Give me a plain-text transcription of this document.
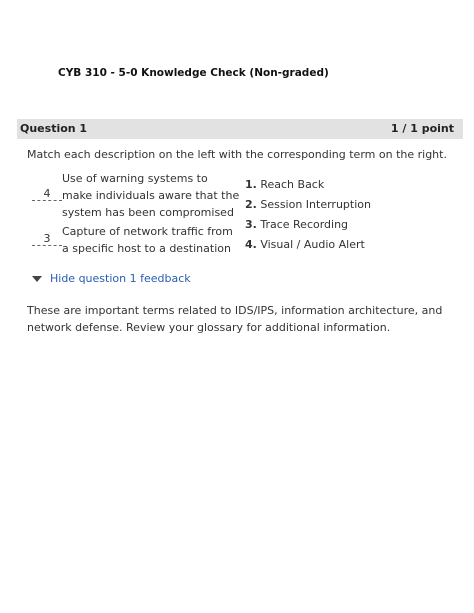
CYB 310 - 5-0 Knowledge Check (Non-graded)
Question 1	1 / 1 point
Match each description on the left with the corresponding term on the right.
4
Use of warning systems to make individuals aware that the system has been compromised
3
Capture of network traffic from a specific host to a destination
1. Reach Back
2. Session Interruption
3. Trace Recording
4. Visual / Audio Alert
Hide question 1 feedback
These are important terms related to IDS/IPS, information architecture, and network defense. Review your glossary for additional information.
